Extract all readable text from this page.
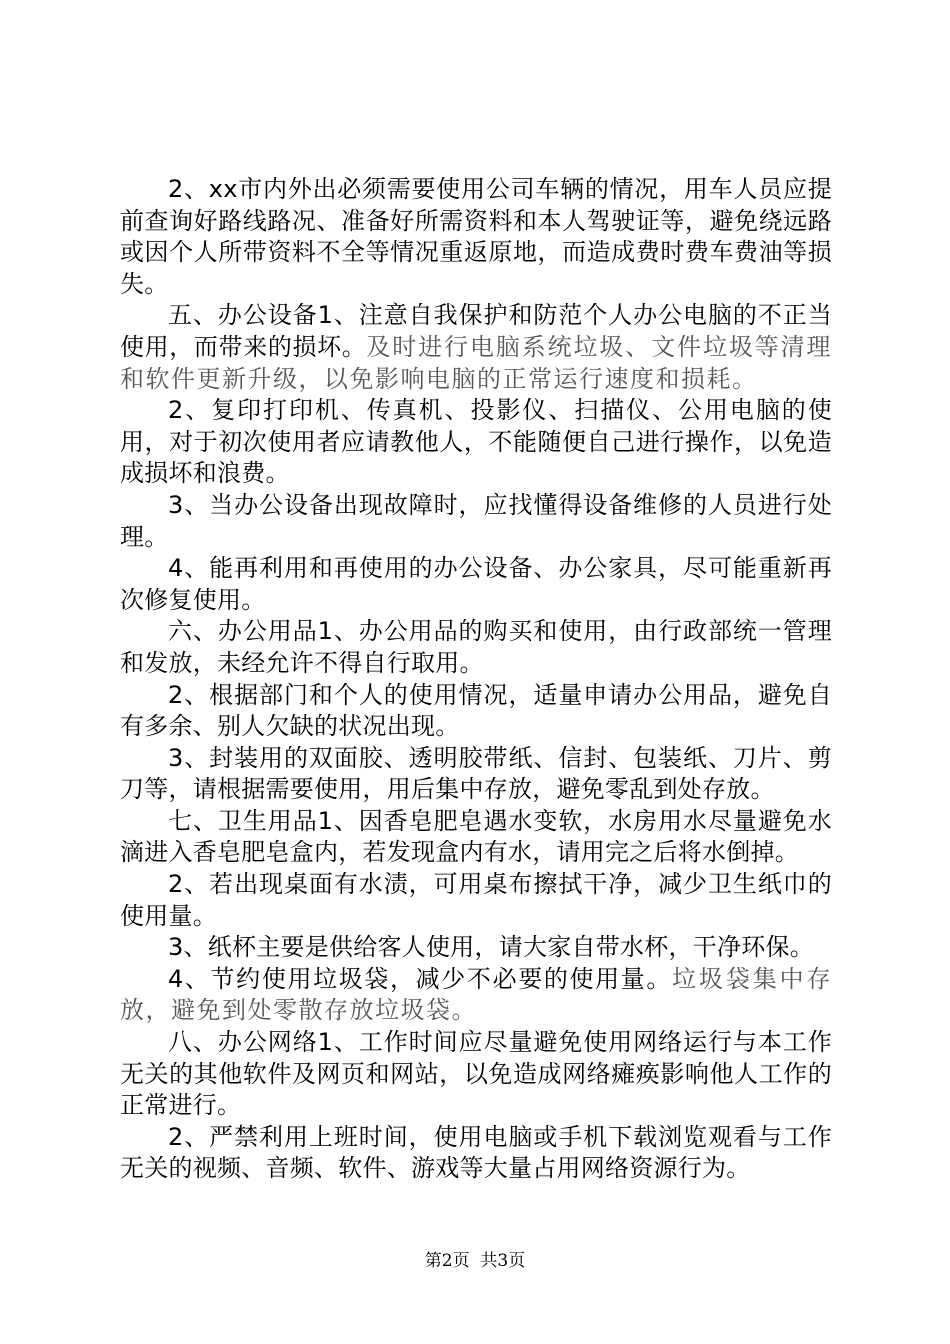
2、xx市内外出必须需要使用公司车辆的情况，用车人员应提前查询好路线路况、准备好所需资料和本人驾驶证等，避免绕远路或因个人所带资料不全等情况重返原地，而造成费时费车费油等损失。

五、办公设备1、注意自我保护和防范个人办公电脑的不正当使用，而带来的损坏。及时进行电脑系统垃圾、文件垃圾等清理和软件更新升级，以免影响电脑的正常运行速度和损耗。

2、复印打印机、传真机、投影仪、扫描仪、公用电脑的使用，对于初次使用者应请教他人，不能随便自己进行操作，以免造成损坏和浪费。

3、当办公设备出现故障时，应找懂得设备维修的人员进行处理。

4、能再利用和再使用的办公设备、办公家具，尽可能重新再次修复使用。

六、办公用品1、办公用品的购买和使用，由行政部统一管理和发放，未经允许不得自行取用。

2、根据部门和个人的使用情况，适量申请办公用品，避免自有多余、别人欠缺的状况出现。

3、封装用的双面胶、透明胶带纸、信封、包装纸、刀片、剪刀等，请根据需要使用，用后集中存放，避免零乱到处存放。

七、卫生用品1、因香皂肥皂遇水变软，水房用水尽量避免水滴进入香皂肥皂盒内，若发现盒内有水，请用完之后将水倒掉。

2、若出现桌面有水渍，可用桌布擦拭干净，减少卫生纸巾的使用量。

3、纸杯主要是供给客人使用，请大家自带水杯，干净环保。

4、节约使用垃圾袋，减少不必要的使用量。垃圾袋集中存放，避免到处零散存放垃圾袋。

八、办公网络1、工作时间应尽量避免使用网络运行与本工作无关的其他软件及网页和网站，以免造成网络瘫痪影响他人工作的正常进行。

2、严禁利用上班时间，使用电脑或手机下载浏览观看与工作无关的视频、音频、软件、游戏等大量占用网络资源行为。

第2页 共3页
